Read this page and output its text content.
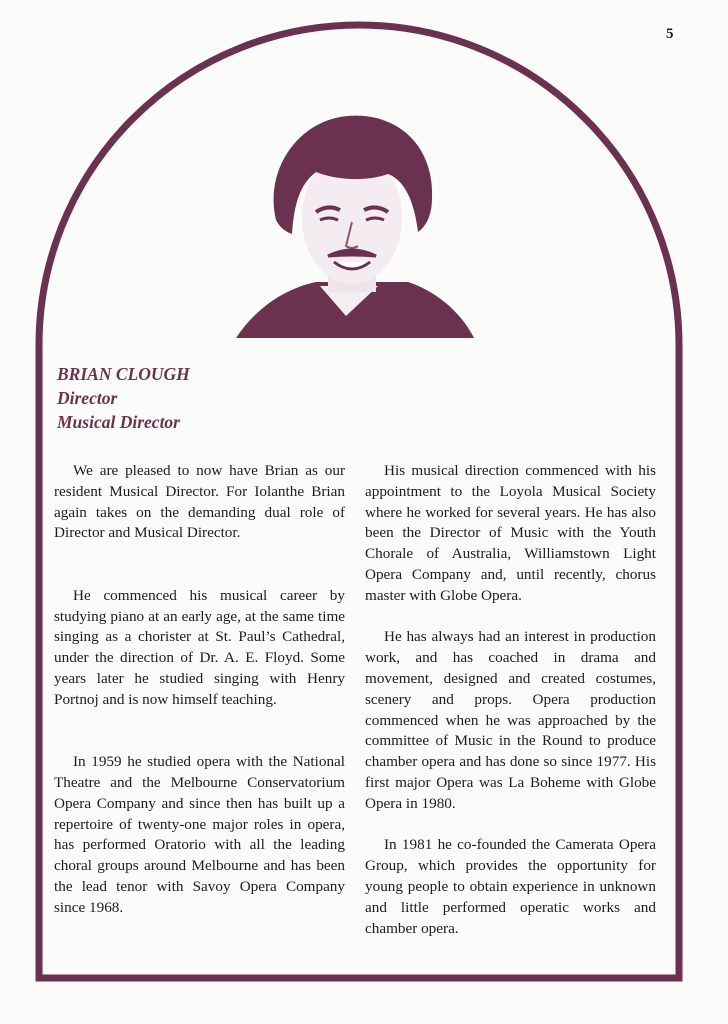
5
BRIAN CLOUGH
Director
Musical Director

We are pleased to now have Brian as our resident Musical Director. For Iolanthe Brian again takes on the demanding dual role of Director and Musical Director.

He commenced his musical career by studying piano at an early age, at the same time singing as a chorister at St. Paul’s Cathedral, under the direction of Dr. A. E. Floyd. Some years later he studied singing with Henry Portnoj and is now himself teaching.

In 1959 he studied opera with the National Theatre and the Melbourne Conservatorium Opera Company and since then has built up a repertoire of twenty-one major roles in opera, has performed Oratorio with all the leading choral groups around Melbourne and has been the lead tenor with Savoy Opera Company since 1968.

His musical direction commenced with his appointment to the Loyola Musical Society where he worked for several years. He has also been the Director of Music with the Youth Chorale of Australia, Williamstown Light Opera Company and, until recently, chorus master with Globe Opera.

He has always had an interest in production work, and has coached in drama and movement, designed and created costumes, scenery and props. Opera production commenced when he was approached by the committee of Music in the Round to produce chamber opera and has done so since 1977. His first major Opera was La Boheme with Globe Opera in 1980.

In 1981 he co-founded the Camerata Opera Group, which provides the opportunity for young people to obtain experience in unknown and little performed operatic works and chamber opera.
